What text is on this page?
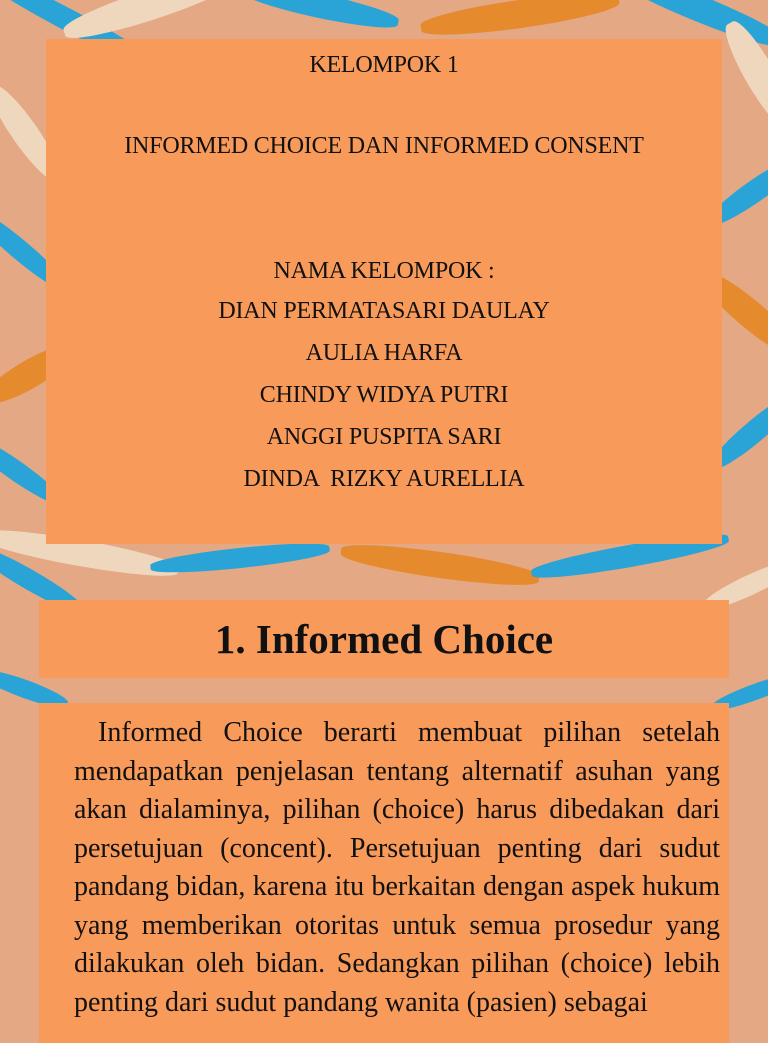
KELOMPOK 1
INFORMED CHOICE DAN INFORMED CONSENT
NAMA KELOMPOK :
DIAN PERMATASARI DAULAY
AULIA HARFA
CHINDY WIDYA PUTRI
ANGGI PUSPITA SARI
DINDA  RIZKY AURELLIA
1. Informed Choice
Informed Choice berarti membuat pilihan setelah mendapatkan penjelasan tentang alternatif asuhan yang akan dialaminya, pilihan (choice) harus dibedakan dari persetujuan (concent). Persetujuan penting dari sudut pandang bidan, karena itu berkaitan dengan aspek hukum yang memberikan otoritas untuk semua prosedur yang dilakukan oleh bidan. Sedangkan pilihan (choice) lebih penting dari sudut pandang wanita (pasien) sebagai
